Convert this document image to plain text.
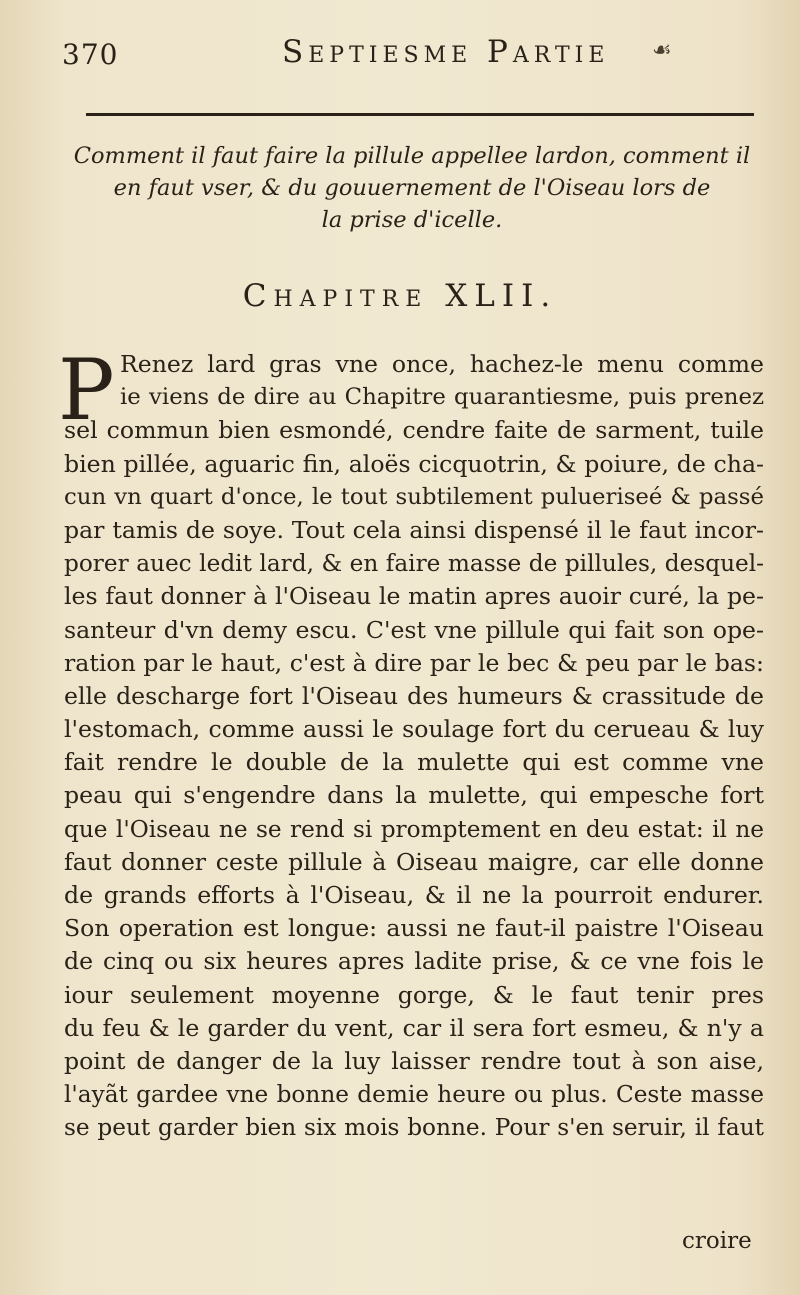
370	Septiesme Partie ☙
Comment il faut faire la pillule appellee lardon, comment il
en faut vser, & du gouuernement de l'Oiseau lors de
la prise d'icelle.
Chapitre XLII.
P Renez lard gras vne once, hachez-le menu comme
ie viens de dire au Chapitre quarantiesme, puis prenez
sel commun bien esmondé, cendre faite de sarment, tuile
bien pillée, aguaric fin, aloës cicquotrin, & poiure, de cha-
cun vn quart d'once, le tout subtilement pulueriseé & passé
par tamis de soye. Tout cela ainsi dispensé il le faut incor-
porer auec ledit lard, & en faire masse de pillules, desquel-
les faut donner à l'Oiseau le matin apres auoir curé, la pe-
santeur d'vn demy escu. C'est vne pillule qui fait son ope-
ration par le haut, c'est à dire par le bec & peu par le bas:
elle descharge fort l'Oiseau des humeurs & crassitude de
l'estomach, comme aussi le soulage fort du cerueau & luy
fait rendre le double de la mulette qui est comme vne
peau qui s'engendre dans la mulette, qui empesche fort
que l'Oiseau ne se rend si promptement en deu estat: il ne
faut donner ceste pillule à Oiseau maigre, car elle donne
de grands efforts à l'Oiseau, & il ne la pourroit endurer.
Son operation est longue: aussi ne faut-il paistre l'Oiseau
de cinq ou six heures apres ladite prise, & ce vne fois le
iour seulement moyenne gorge, & le faut tenir pres
du feu & le garder du vent, car il sera fort esmeu, & n'y a
point de danger de la luy laisser rendre tout à son aise,
l'ayãt gardee vne bonne demie heure ou plus. Ceste masse
se peut garder bien six mois bonne. Pour s'en seruir, il faut
croire
